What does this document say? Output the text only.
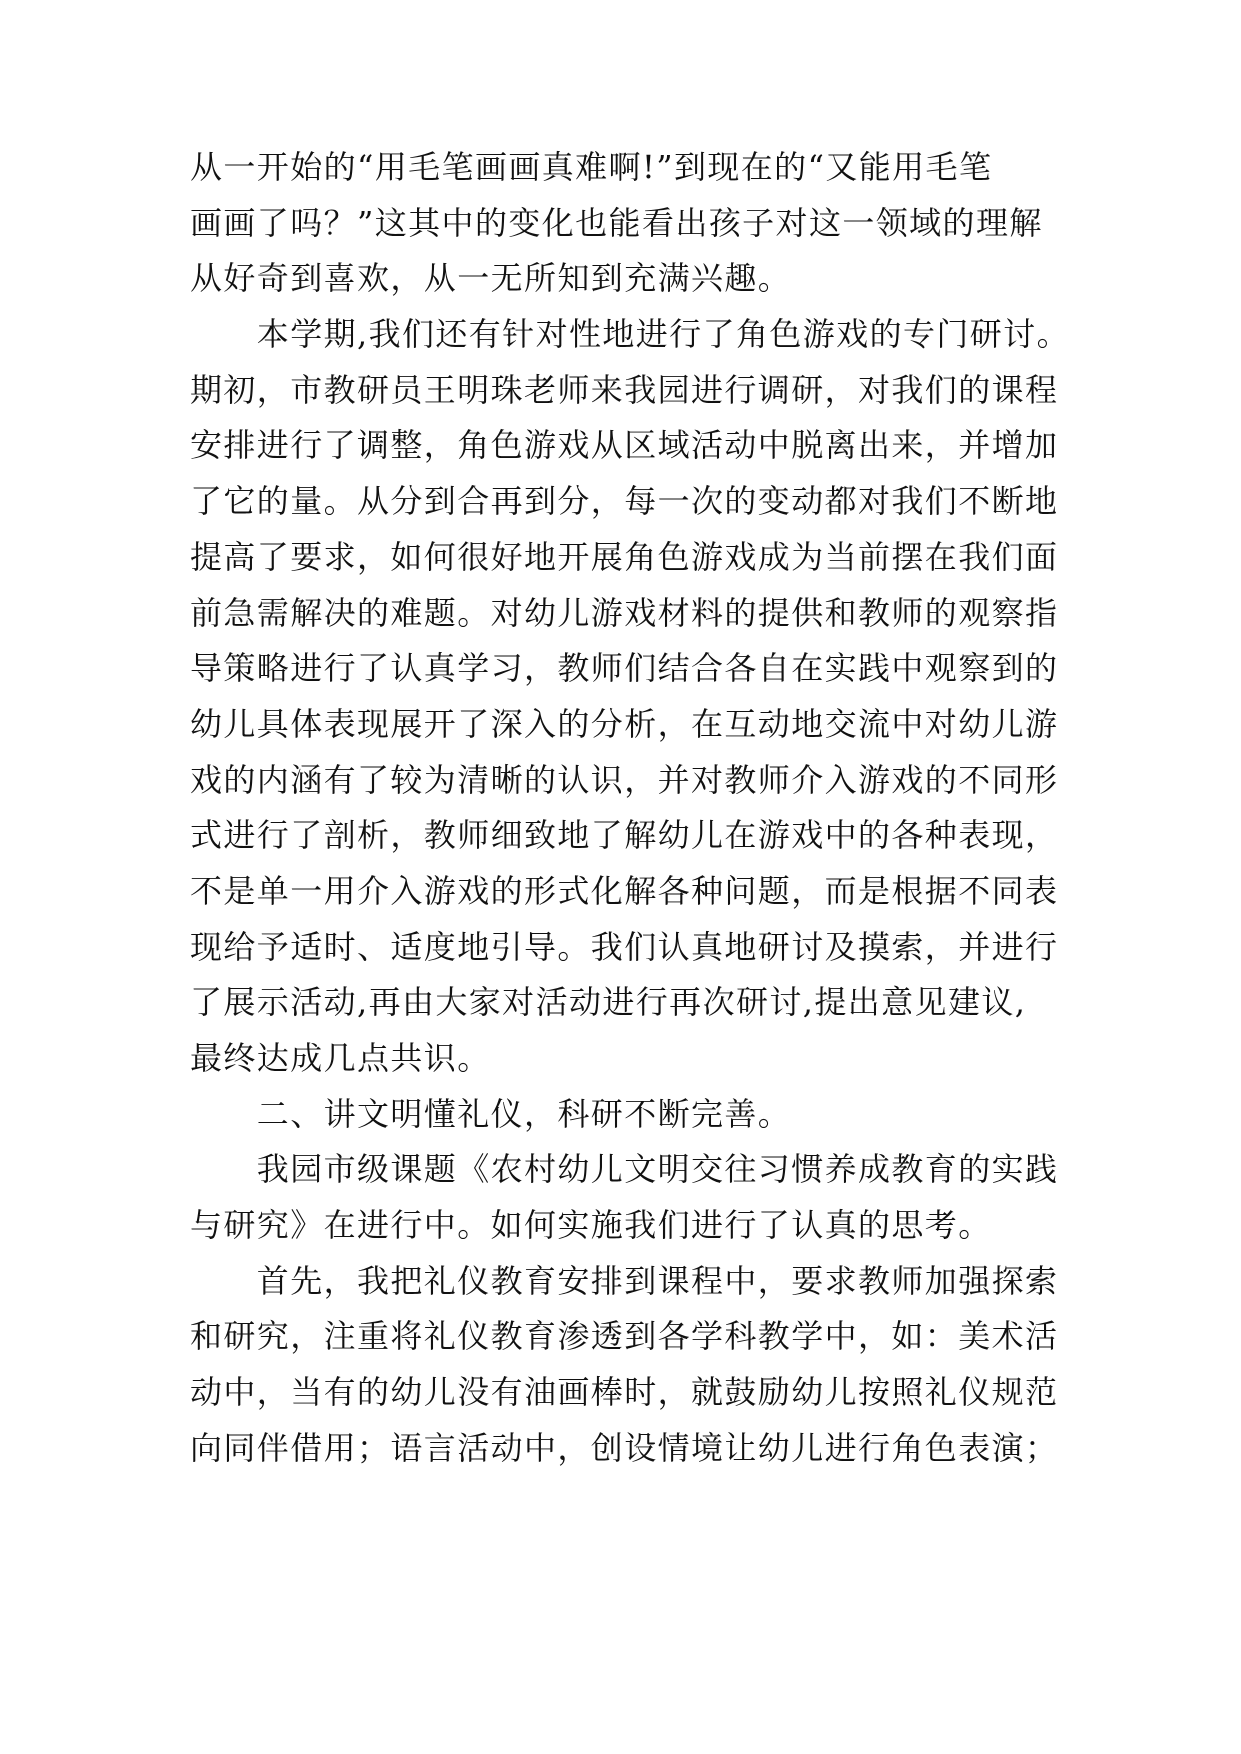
从一开始的“用毛笔画画真难啊!”到现在的“又能用毛笔
画画了吗？”这其中的变化也能看出孩子对这一领域的理解
从好奇到喜欢，从一无所知到充满兴趣。
　　本学期,我们还有针对性地进行了角色游戏的专门研讨。
期初，市教研员王明珠老师来我园进行调研，对我们的课程
安排进行了调整，角色游戏从区域活动中脱离出来，并增加
了它的量。从分到合再到分，每一次的变动都对我们不断地
提高了要求，如何很好地开展角色游戏成为当前摆在我们面
前急需解决的难题。对幼儿游戏材料的提供和教师的观察指
导策略进行了认真学习，教师们结合各自在实践中观察到的
幼儿具体表现展开了深入的分析，在互动地交流中对幼儿游
戏的内涵有了较为清晰的认识，并对教师介入游戏的不同形
式进行了剖析，教师细致地了解幼儿在游戏中的各种表现，
不是单一用介入游戏的形式化解各种问题，而是根据不同表
现给予适时、适度地引导。我们认真地研讨及摸索，并进行
了展示活动,再由大家对活动进行再次研讨,提出意见建议,
最终达成几点共识。
　　二、讲文明懂礼仪，科研不断完善。
　　我园市级课题《农村幼儿文明交往习惯养成教育的实践
与研究》在进行中。如何实施我们进行了认真的思考。
　　首先，我把礼仪教育安排到课程中，要求教师加强探索
和研究，注重将礼仪教育渗透到各学科教学中，如：美术活
动中，当有的幼儿没有油画棒时，就鼓励幼儿按照礼仪规范
向同伴借用；语言活动中，创设情境让幼儿进行角色表演；
